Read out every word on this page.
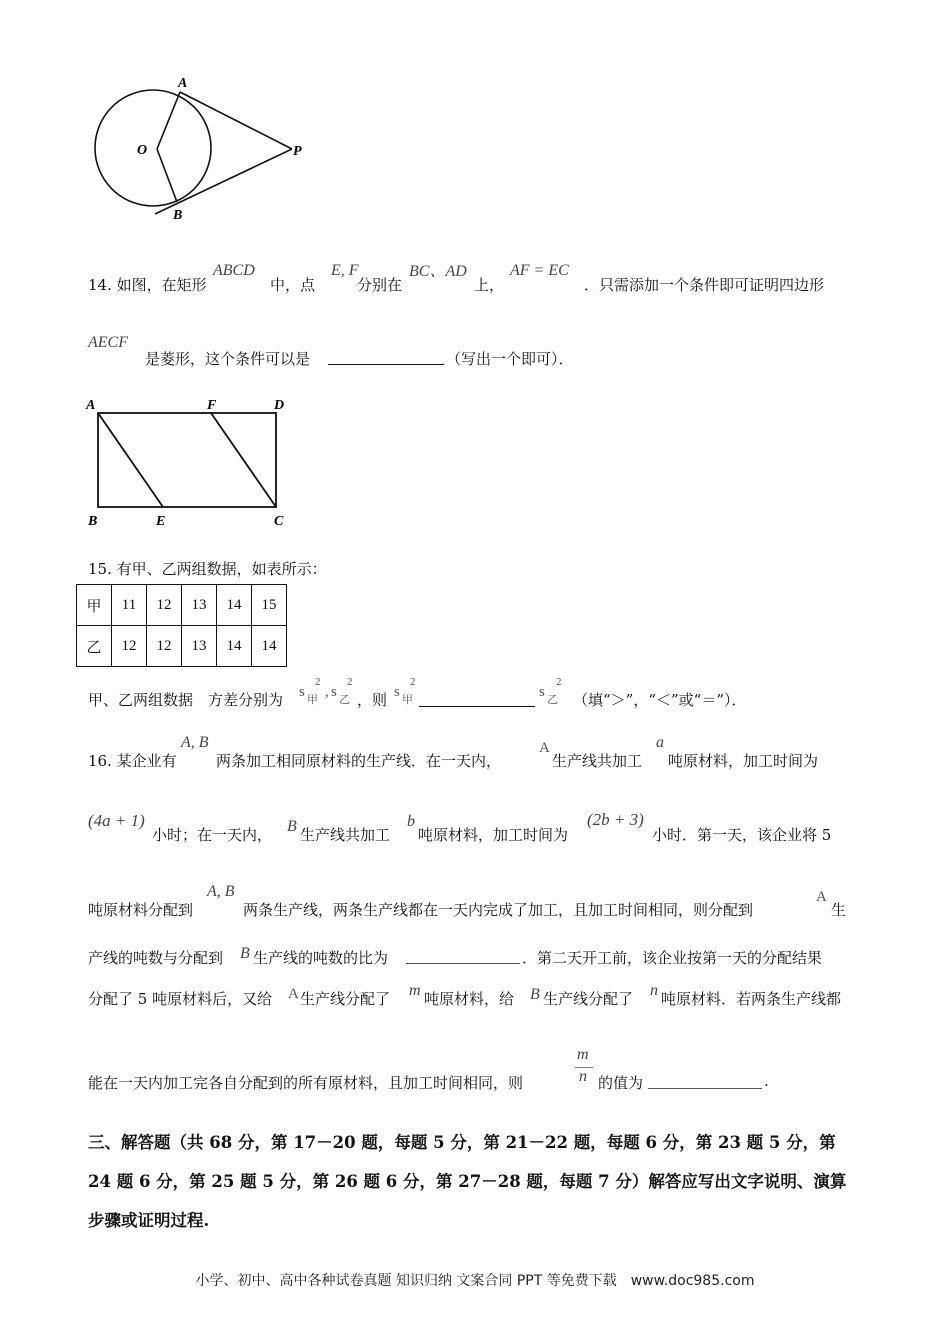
A
O	P
B
14. 如图，在矩形
ABCD
中，点
E, F
分别在
BC、AD
上，
AF = EC
．只需添加一个条件即可证明四边形
AECF
是菱形，这个条件可以是	（写出一个即可）．
A	F	D
B	E	C
15. 有甲、乙两组数据，如表所示：
甲	11	12	13	14	15
乙	12	12	13	14	14
甲、乙两组数据　方差分别为 s 甲
2
, s 乙
2
，则 s 甲
2
s 乙
2
（填“＞”，“＜”或“＝”）．
16. 某企业有
A, B
两条加工相同原材料的生产线．在一天内，
A
生产线共加工
a
吨原材料，加工时间为
(4a + 1)
小时；在一天内， B 生产线共加工
b
吨原材料，加工时间为
(2b + 3)
小时．第一天，该企业将 5
吨原材料分配到
A, B
两条生产线，两条生产线都在一天内完成了加工，且加工时间相同，则分配到
A
生
产线的吨数与分配到 B 生产线的吨数的比为	．第二天开工前，该企业按第一天的分配结果
分配了 5 吨原材料后，又给 A 生产线分配了 m 吨原材料，给 B 生产线分配了 n 吨原材料．若两条生产线都
能在一天内加工完各自分配到的所有原材料，且加工时间相同，则
m
n 的值为	.
三、解答题（共 68 分，第 17－20 题，每题 5 分，第 21－22 题，每题 6 分，第 23 题 5 分，第
24 题 6 分，第 25 题 5 分，第 26 题 6 分，第 27－28 题，每题 7 分）解答应写出文字说明、演算
步骤或证明过程.
小学、初中、高中各种试卷真题 知识归纳 文案合同 PPT 等免费下载　www.doc985.com
